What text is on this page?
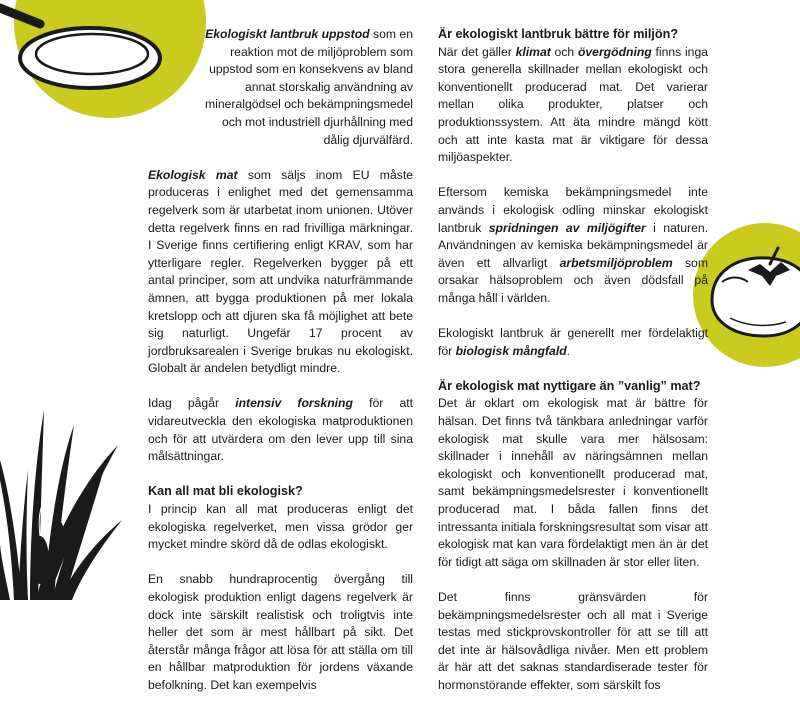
Ekologiskt lantbruk uppstod som en reaktion mot de miljöproblem som uppstod som en konsekvens av bland annat storskalig användning av mineralgödsel och bekämpningsmedel och mot industriell djurhållning med dålig djurvälfärd.

Ekologisk mat som säljs inom EU måste produceras i enlighet med det gemensamma regelverk som är utarbetat inom unionen. Utöver detta regelverk finns en rad frivilliga märkningar. I Sverige finns certifiering enligt KRAV, som har ytterligare regler. Regelverken bygger på ett antal principer, som att undvika naturfrämmande ämnen, att bygga produktionen på mer lokala kretslopp och att djuren ska få möjlighet att bete sig naturligt. Ungefär 17 procent av jordbruksarealen i Sverige brukas nu ekologiskt. Globalt är andelen betydligt mindre.

Idag pågår intensiv forskning för att vidareutveckla den ekologiska matproduktionen och för att utvärdera om den lever upp till sina målsättningar.

Kan all mat bli ekologisk?

I princip kan all mat produceras enligt det ekologiska regelverket, men vissa grödor ger mycket mindre skörd då de odlas ekologiskt.

En snabb hundraprocentig övergång till ekologisk produktion enligt dagens regelverk är dock inte särskilt realistisk och troligtvis inte heller det som är mest hållbart på sikt. Det återstår många frågor att lösa för att ställa om till en hållbar matproduktion för jordens växande befolkning. Det kan exempelvis

Är ekologiskt lantbruk bättre för miljön?

När det gäller klimat och övergödning finns inga stora generella skillnader mellan ekologiskt och konventionellt producerad mat. Det varierar mellan olika produkter, platser och produktionssystem. Att äta mindre mängd kött och att inte kasta mat är viktigare för dessa miljöaspekter.

Eftersom kemiska bekämpningsmedel inte används i ekologisk odling minskar ekologiskt lantbruk spridningen av miljögifter i naturen. Användningen av kemiska bekämpningsmedel är även ett allvarligt arbetsmiljöproblem som orsakar hälsoproblem och även dödsfall på många håll i världen.

Ekologiskt lantbruk är generellt mer fördelaktigt för biologisk mångfald.

Är ekologisk mat nyttigare än ”vanlig” mat?

Det är oklart om ekologisk mat är bättre för hälsan. Det finns två tänkbara anledningar varför ekologisk mat skulle vara mer hälsosam: skillnader i innehåll av näringsämnen mellan ekologiskt och konventionellt producerad mat, samt bekämpningsmedelsrester i konventionellt producerad mat. I båda fallen finns det intressanta initiala forskningsresultat som visar att ekologisk mat kan vara fördelaktigt men än är det för tidigt att säga om skillnaden är stor eller liten.

Det finns gränsvärden för bekämpningsmedelsrester och all mat i Sverige testas med stickprovskontroller för att se till att det inte är hälsovådliga nivåer. Men ett problem är här att det saknas standardiserade tester för hormonstörande effekter, som särskilt fos
